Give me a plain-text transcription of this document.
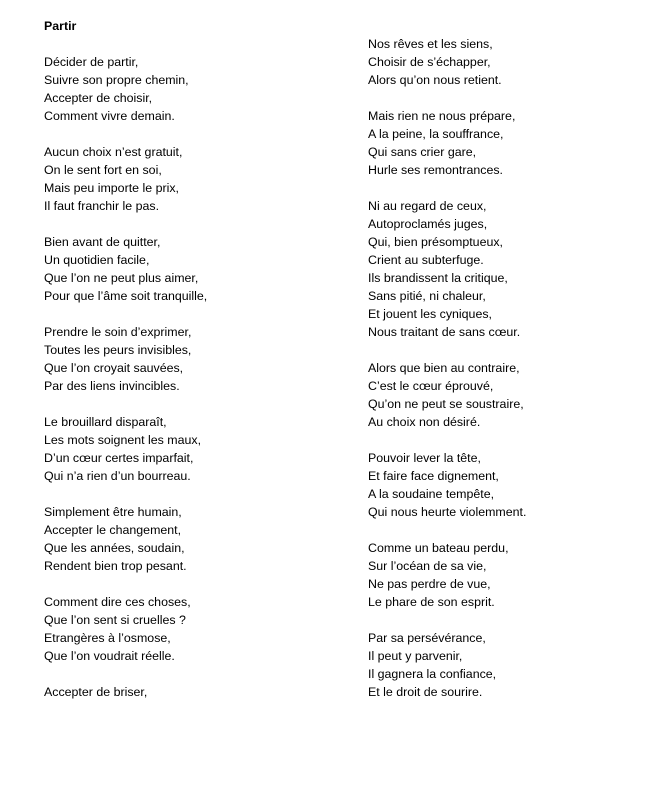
Partir
Décider de partir,
Suivre son propre chemin,
Accepter de choisir,
Comment vivre demain.
Aucun choix n’est gratuit,
On le sent fort en soi,
Mais peu importe le prix,
Il faut franchir le pas.
Bien avant de quitter,
Un quotidien facile,
Que l’on ne peut plus aimer,
Pour que l’âme soit tranquille,
Prendre le soin d’exprimer,
Toutes les peurs invisibles,
Que l’on croyait sauvées,
Par des liens invincibles.
Le brouillard disparaît,
Les mots soignent les maux,
D’un cœur certes imparfait,
Qui n’a rien d’un bourreau.
Simplement être humain,
Accepter le changement,
Que les années, soudain,
Rendent bien trop pesant.
Comment dire ces choses,
Que l’on sent si cruelles ?
Etrangères à l’osmose,
Que l’on voudrait réelle.
Accepter de briser,
Nos rêves et les siens,
Choisir de s’échapper,
Alors qu’on nous retient.
Mais rien ne nous prépare,
A la peine, la souffrance,
Qui sans crier gare,
Hurle ses remontrances.
Ni au regard de ceux,
Autoproclamés juges,
Qui, bien présomptueux,
Crient au subterfuge.
Ils brandissent la critique,
Sans pitié, ni chaleur,
Et jouent les cyniques,
Nous traitant de sans cœur.
Alors que bien au contraire,
C’est le cœur éprouvé,
Qu’on ne peut se soustraire,
Au choix non désiré.
Pouvoir lever la tête,
Et faire face dignement,
A la soudaine tempête,
Qui nous heurte violemment.
Comme un bateau perdu,
Sur l’océan de sa vie,
Ne pas perdre de vue,
Le phare de son esprit.
Par sa persévérance,
Il peut y parvenir,
Il gagnera la confiance,
Et le droit de sourire.
